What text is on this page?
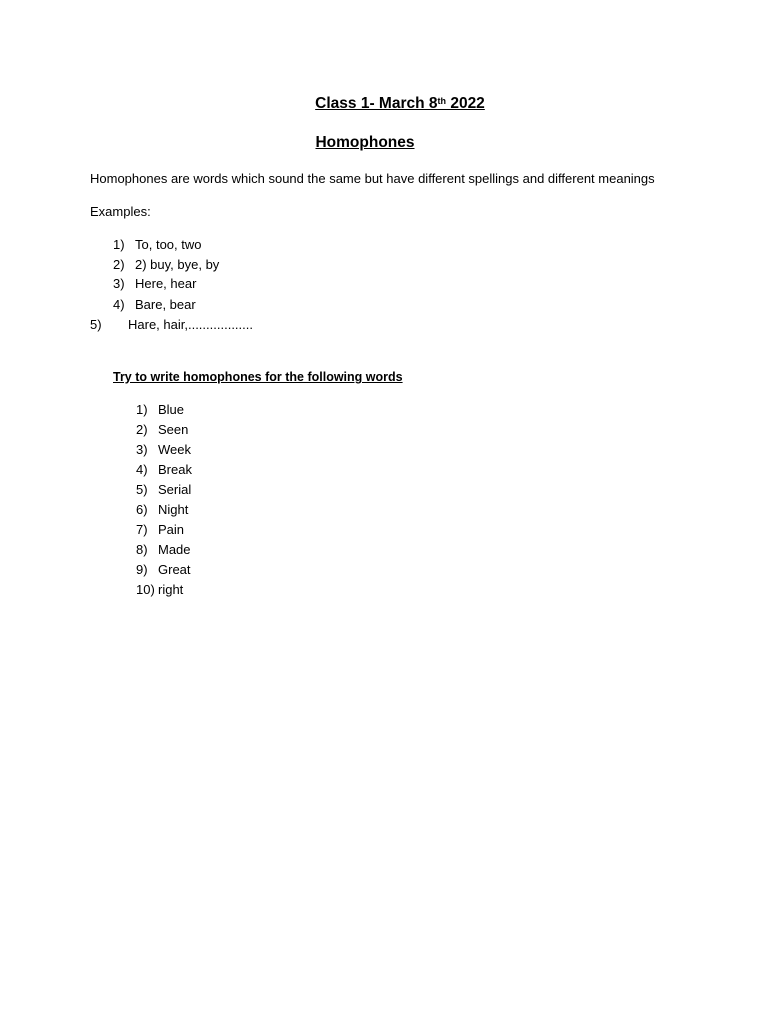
Class 1- March 8th 2022
Homophones
Homophones are words which sound the same but have different spellings and different meanings
Examples:
1) To, too, two
2) 2) buy, bye, by
3) Here, hear
4) Bare, bear
5) Hare, hair,..................
Try to write homophones for the following words
1) Blue
2) Seen
3) Week
4) Break
5) Serial
6) Night
7) Pain
8) Made
9) Great
10) right
